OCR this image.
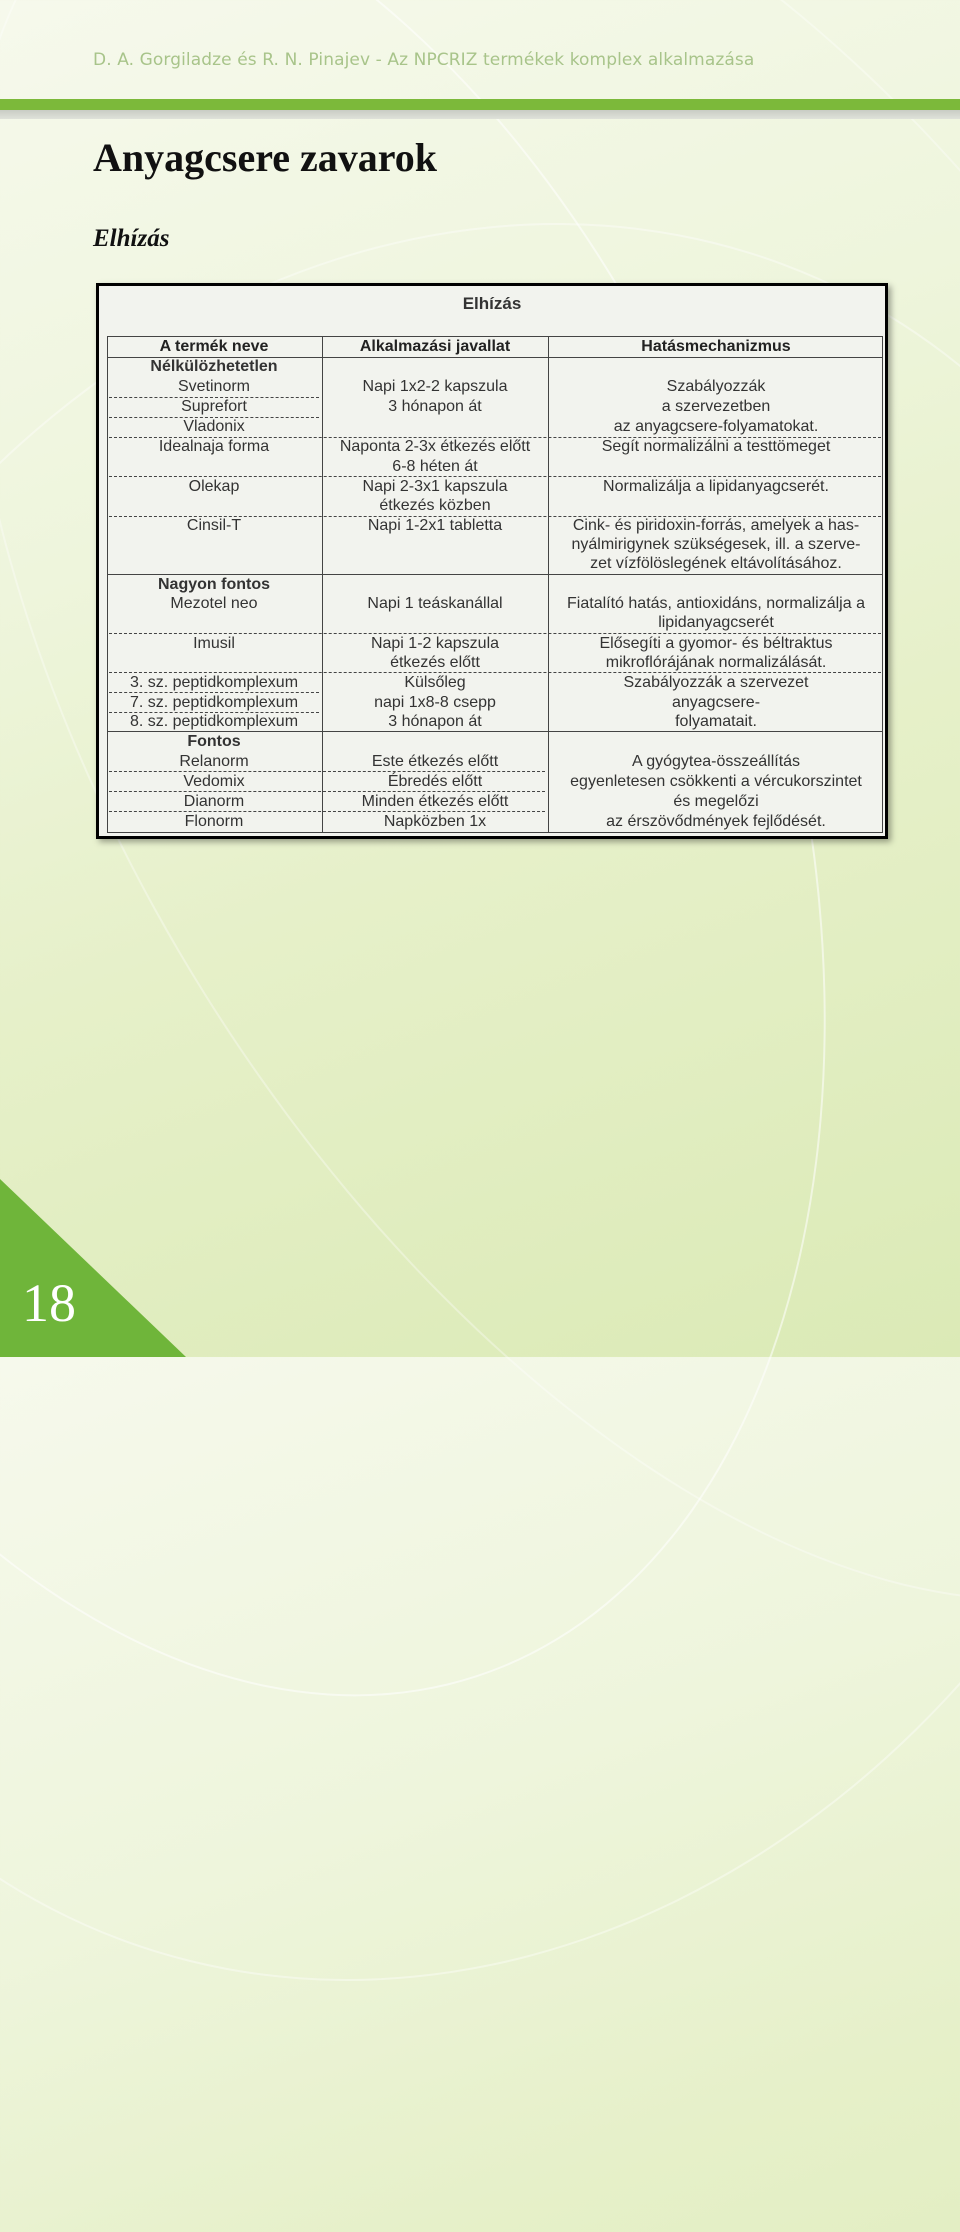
D. A. Gorgiladze és R. N. Pinajev - Az NPCRIZ termékek komplex alkalmazása
Anyagcsere zavarok
Elhízás
Elhízás
A termék neve	Alkalmazási javallat	Hatásmechanizmus
Nélkülözhetetlen
Svetinorm
Suprefort
Vladonix
Idealnaja forma
Olekap
Cinsil-T
Nagyon fontos
Mezotel neo
Imusil
3. sz. peptidkomplexum
7. sz. peptidkomplexum
8. sz. peptidkomplexum
Fontos
Relanorm
Vedomix
Dianorm
Flonorm
Napi 1x2-2 kapszula
3 hónapon át
Naponta 2-3x étkezés előtt
6-8 héten át
Napi 2-3x1 kapszula
étkezés közben
Napi 1-2x1 tabletta
Napi 1 teáskanállal
Napi 1-2 kapszula
étkezés előtt
Külsőleg
napi 1x8-8 csepp
3 hónapon át
Este étkezés előtt
Ébredés előtt
Minden étkezés előtt
Napközben 1x
Szabályozzák
a szervezetben
az anyagcsere-folyamatokat.
Segít normalizálni a testtömeget
Normalizálja a lipidanyagcserét.
Cink- és piridoxin-forrás, amelyek a has-
nyálmirigynek szükségesek, ill. a szerve-
zet vízfölöslegének eltávolításához.
Fiatalító hatás, antioxidáns, normalizálja a
lipidanyagcserét
Elősegíti a gyomor- és béltraktus
mikroflórájának normalizálását.
Szabályozzák a szervezet
anyagcsere-
folyamatait.
A gyógytea-összeállítás
egyenletesen csökkenti a vércukorszintet
és megelőzi
az érszövődmények fejlődését.
18
